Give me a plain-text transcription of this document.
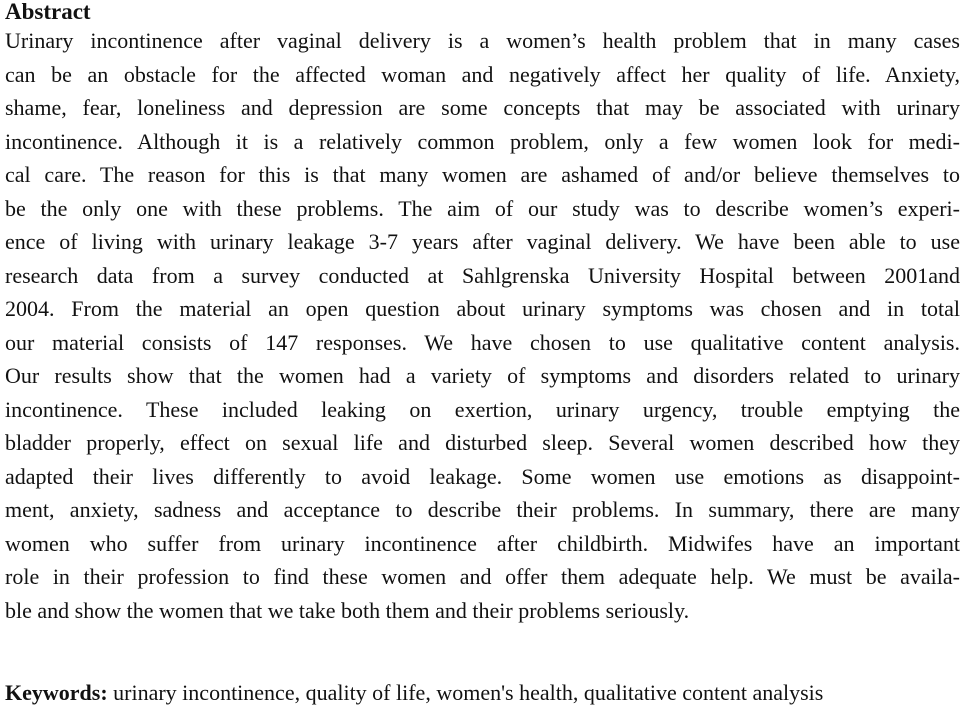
Abstract
Urinary incontinence after vaginal delivery is a women’s health problem that in many cases
can be an obstacle for the affected woman and negatively affect her quality of life. Anxiety,
shame, fear, loneliness and depression are some concepts that may be associated with urinary
incontinence. Although it is a relatively common problem, only a few women look for medi-
cal care. The reason for this is that many women are ashamed of and/or believe themselves to
be the only one with these problems. The aim of our study was to describe women’s experi-
ence of living with urinary leakage 3-7 years after vaginal delivery. We have been able to use
research data from a survey conducted at Sahlgrenska University Hospital between 2001and
2004. From the material an open question about urinary symptoms was chosen and in total
our material consists of 147 responses. We have chosen to use qualitative content analysis.
Our results show that the women had a variety of symptoms and disorders related to urinary
incontinence. These included leaking on exertion, urinary urgency, trouble emptying the
bladder properly, effect on sexual life and disturbed sleep. Several women described how they
adapted their lives differently to avoid leakage. Some women use emotions as disappoint-
ment, anxiety, sadness and acceptance to describe their problems. In summary, there are many
women who suffer from urinary incontinence after childbirth. Midwifes have an important
role in their profession to find these women and offer them adequate help. We must be availa-
ble and show the women that we take both them and their problems seriously.
Keywords: urinary incontinence, quality of life, women's health, qualitative content analysis
